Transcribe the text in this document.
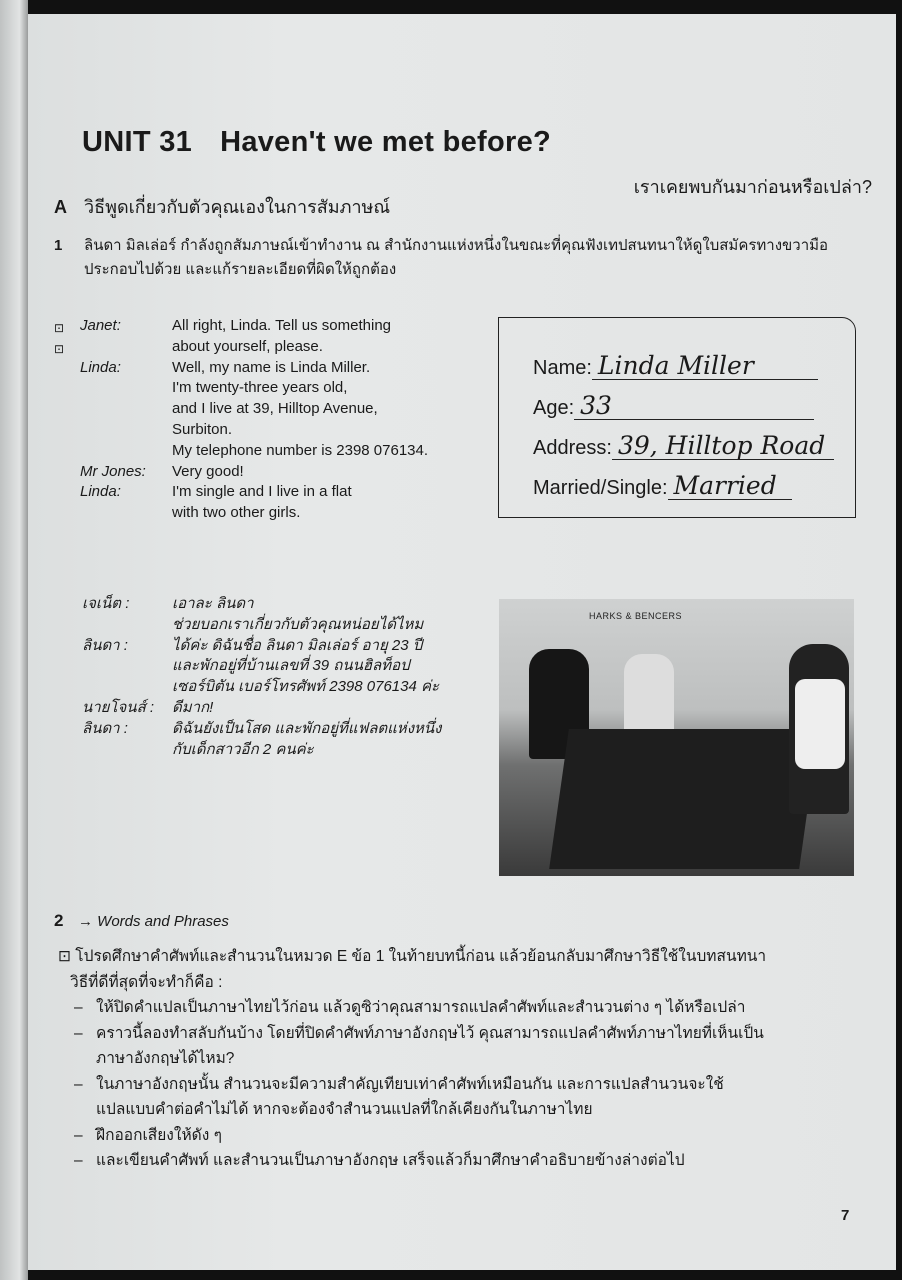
UNIT 31 Haven't we met before?
เราเคยพบกันมาก่อนหรือเปล่า?
A วิธีพูดเกี่ยวกับตัวคุณเองในการสัมภาษณ์
1 ลินดา มิลเล่อร์ กำลังถูกสัมภาษณ์เข้าทำงาน ณ สำนักงานแห่งหนึ่งในขณะที่คุณฟังเทปสนทนาให้ดูใบสมัครทางขวามือ
ประกอบไปด้วย และแก้รายละเอียดที่ผิดให้ถูกต้อง
⊡
⊡
Janet:	All right, Linda. Tell us something
about yourself, please.
Linda:	Well, my name is Linda Miller.
I'm twenty-three years old,
and I live at 39, Hilltop Avenue,
Surbiton.
My telephone number is 2398 076134.
Mr Jones:	Very good!
Linda:	I'm single and I live in a flat
with two other girls.
Name: Linda Miller
Age: 33
Address: 39, Hilltop Road
Married/Single: Married
เจเน็ต :	เอาละ ลินดา
ช่วยบอกเราเกี่ยวกับตัวคุณหน่อยได้ไหม
ลินดา :	ได้ค่ะ ดิฉันชื่อ ลินดา มิลเล่อร์ อายุ 23 ปี
และพักอยู่ที่บ้านเลขที่ 39 ถนนฮิลท็อป
เซอร์บิตัน เบอร์โทรศัพท์ 2398 076134 ค่ะ
นายโจนส์ :	ดีมาก!
ลินดา :	ดิฉันยังเป็นโสด และพักอยู่ที่แฟลตแห่งหนึ่ง
กับเด็กสาวอีก 2 คนค่ะ
HARKS & BENCERS
2 → Words and Phrases
⊡ โปรดศึกษาคำศัพท์และสำนวนในหมวด E ข้อ 1 ในท้ายบทนี้ก่อน แล้วย้อนกลับมาศึกษาวิธีใช้ในบทสนทนา
วิธีที่ดีที่สุดที่จะทำก็คือ :
– ให้ปิดคำแปลเป็นภาษาไทยไว้ก่อน แล้วดูซิว่าคุณสามารถแปลคำศัพท์และสำนวนต่าง ๆ ได้หรือเปล่า
– คราวนี้ลองทำสลับกันบ้าง โดยที่ปิดคำศัพท์ภาษาอังกฤษไว้ คุณสามารถแปลคำศัพท์ภาษาไทยที่เห็นเป็น
ภาษาอังกฤษได้ไหม?
– ในภาษาอังกฤษนั้น สำนวนจะมีความสำคัญเทียบเท่าคำศัพท์เหมือนกัน และการแปลสำนวนจะใช้
แปลแบบคำต่อคำไม่ได้ หากจะต้องจำสำนวนแปลที่ใกล้เคียงกันในภาษาไทย
– ฝึกออกเสียงให้ดัง ๆ
– และเขียนคำศัพท์ และสำนวนเป็นภาษาอังกฤษ เสร็จแล้วก็มาศึกษาคำอธิบายข้างล่างต่อไป
7
